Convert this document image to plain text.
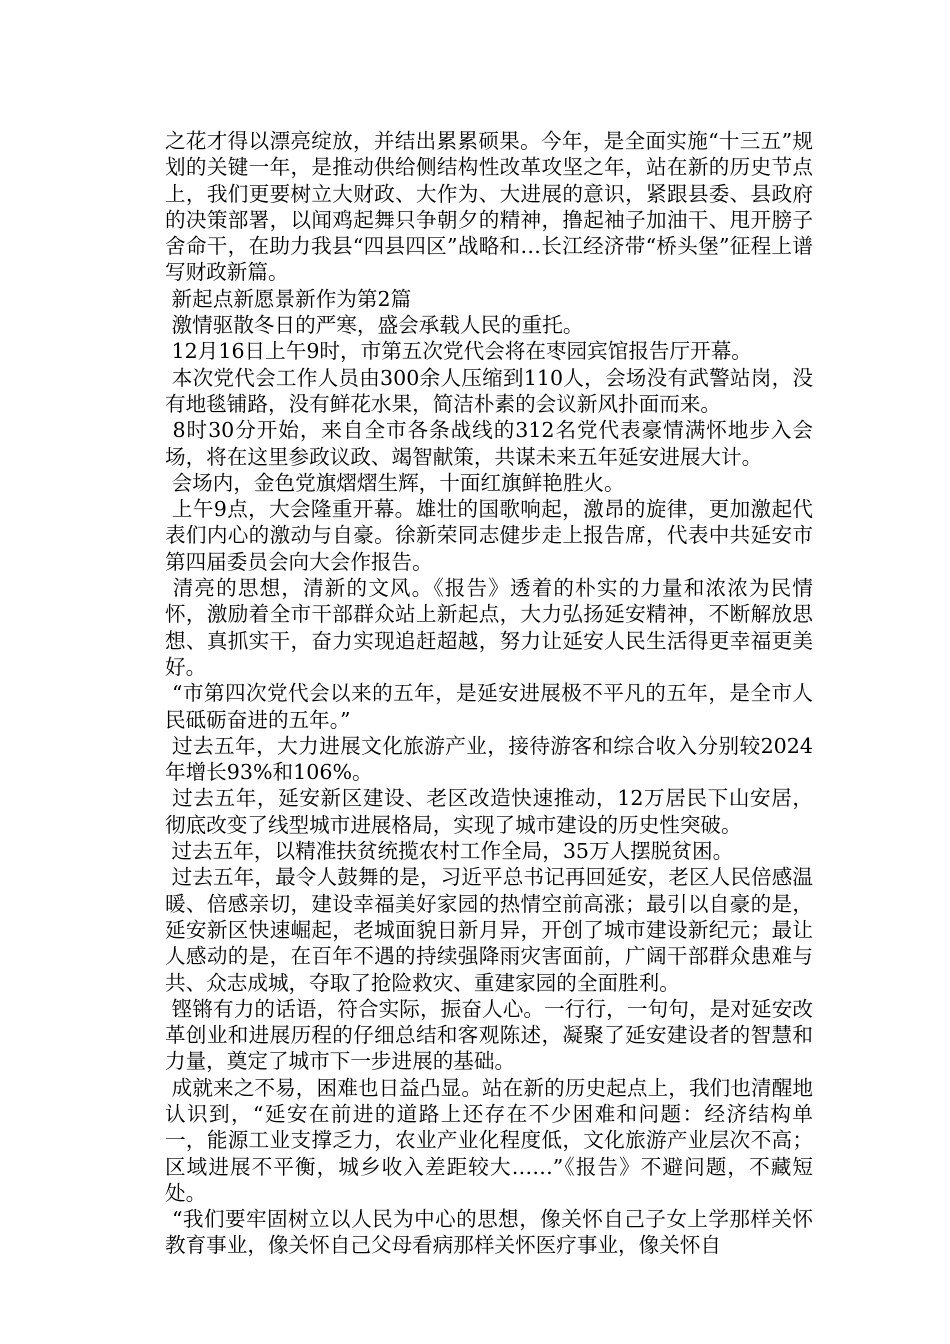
之花才得以漂亮绽放，并结出累累硕果。今年，是全面实施“十三五”规划的关键一年，是推动供给侧结构性改革攻坚之年，站在新的历史节点上，我们更要树立大财政、大作为、大进展的意识，紧跟县委、县政府的决策部署，以闻鸡起舞只争朝夕的精神，撸起袖子加油干、甩开膀子舍命干，在助力我县“四县四区”战略和…长江经济带“桥头堡”征程上谱写财政新篇。

新起点新愿景新作为第2篇

激情驱散冬日的严寒，盛会承载人民的重托。

12月16日上午9时，市第五次党代会将在枣园宾馆报告厅开幕。

本次党代会工作人员由300余人压缩到110人，会场没有武警站岗，没有地毯铺路，没有鲜花水果，简洁朴素的会议新风扑面而来。

8时30分开始，来自全市各条战线的312名党代表豪情满怀地步入会场，将在这里参政议政、竭智献策，共谋未来五年延安进展大计。

会场内，金色党旗熠熠生辉，十面红旗鲜艳胜火。

上午9点，大会隆重开幕。雄壮的国歌响起，激昂的旋律，更加激起代表们内心的激动与自豪。徐新荣同志健步走上报告席，代表中共延安市第四届委员会向大会作报告。

清亮的思想，清新的文风。《报告》透着的朴实的力量和浓浓为民情怀，激励着全市干部群众站上新起点，大力弘扬延安精神，不断解放思想、真抓实干，奋力实现追赶超越，努力让延安人民生活得更幸福更美好。

“市第四次党代会以来的五年，是延安进展极不平凡的五年，是全市人民砥砺奋进的五年。”

过去五年，大力进展文化旅游产业，接待游客和综合收入分别较2024年增长93%和106%。

过去五年，延安新区建设、老区改造快速推动，12万居民下山安居，彻底改变了线型城市进展格局，实现了城市建设的历史性突破。

过去五年，以精准扶贫统揽农村工作全局，35万人摆脱贫困。

过去五年，最令人鼓舞的是，习近平总书记再回延安，老区人民倍感温暖、倍感亲切，建设幸福美好家园的热情空前高涨；最引以自豪的是，延安新区快速崛起，老城面貌日新月异，开创了城市建设新纪元；最让人感动的是，在百年不遇的持续强降雨灾害面前，广阔干部群众患难与共、众志成城，夺取了抢险救灾、重建家园的全面胜利。

铿锵有力的话语，符合实际，振奋人心。一行行，一句句，是对延安改革创业和进展历程的仔细总结和客观陈述，凝聚了延安建设者的智慧和力量，奠定了城市下一步进展的基础。

成就来之不易，困难也日益凸显。站在新的历史起点上，我们也清醒地认识到，“延安在前进的道路上还存在不少困难和问题：经济结构单一，能源工业支撑乏力，农业产业化程度低，文化旅游产业层次不高；区域进展不平衡，城乡收入差距较大……”《报告》不避问题，不藏短处。

“我们要牢固树立以人民为中心的思想，像关怀自己子女上学那样关怀教育事业，像关怀自己父母看病那样关怀医疗事业，像关怀自
